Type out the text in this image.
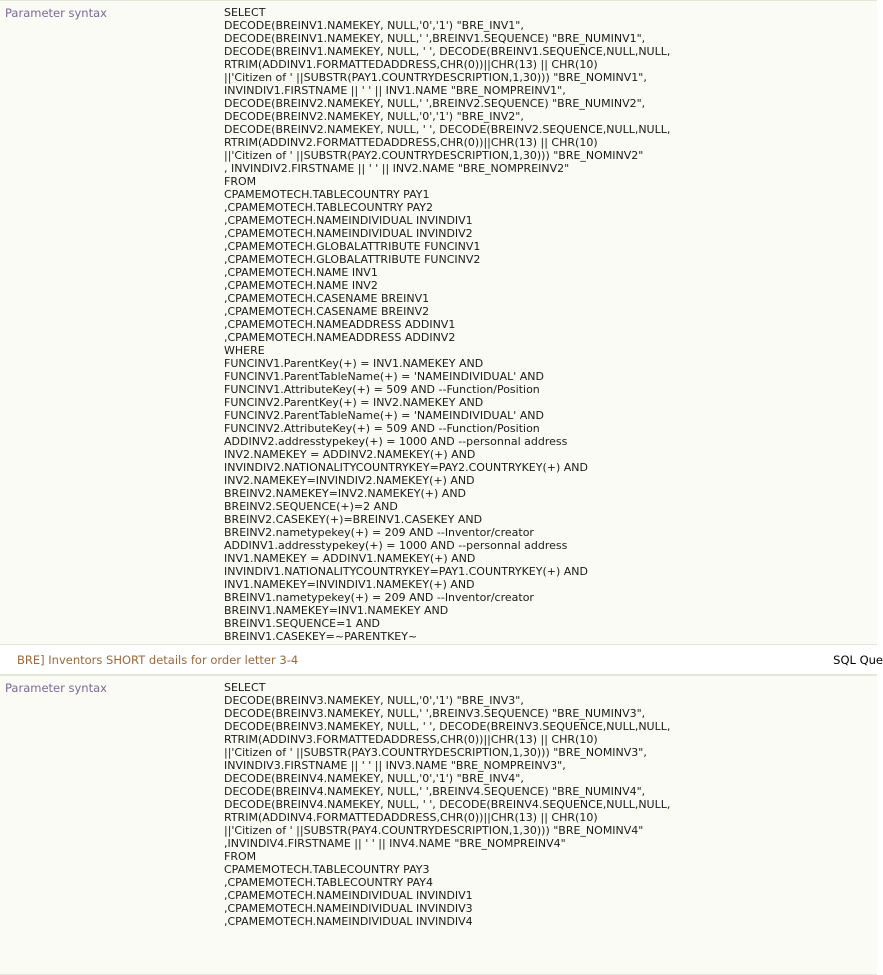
Parameter syntax	SELECT
DECODE(BREINV1.NAMEKEY, NULL,'0','1') "BRE_INV1",
DECODE(BREINV1.NAMEKEY, NULL,' ',BREINV1.SEQUENCE) "BRE_NUMINV1",
DECODE(BREINV1.NAMEKEY, NULL, ' ', DECODE(BREINV1.SEQUENCE,NULL,NULL,
RTRIM(ADDINV1.FORMATTEDADDRESS,CHR(0))||CHR(13) || CHR(10)
||'Citizen of ' ||SUBSTR(PAY1.COUNTRYDESCRIPTION,1,30))) "BRE_NOMINV1",
INVINDIV1.FIRSTNAME || ' ' || INV1.NAME "BRE_NOMPREINV1",
DECODE(BREINV2.NAMEKEY, NULL,' ',BREINV2.SEQUENCE) "BRE_NUMINV2",
DECODE(BREINV2.NAMEKEY, NULL,'0','1') "BRE_INV2",
DECODE(BREINV2.NAMEKEY, NULL, ' ', DECODE(BREINV2.SEQUENCE,NULL,NULL,
RTRIM(ADDINV2.FORMATTEDADDRESS,CHR(0))||CHR(13) || CHR(10)
||'Citizen of ' ||SUBSTR(PAY2.COUNTRYDESCRIPTION,1,30))) "BRE_NOMINV2"
, INVINDIV2.FIRSTNAME || ' ' || INV2.NAME "BRE_NOMPREINV2"
FROM
CPAMEMOTECH.TABLECOUNTRY PAY1
,CPAMEMOTECH.TABLECOUNTRY PAY2
,CPAMEMOTECH.NAMEINDIVIDUAL INVINDIV1
,CPAMEMOTECH.NAMEINDIVIDUAL INVINDIV2
,CPAMEMOTECH.GLOBALATTRIBUTE FUNCINV1
,CPAMEMOTECH.GLOBALATTRIBUTE FUNCINV2
,CPAMEMOTECH.NAME INV1
,CPAMEMOTECH.NAME INV2
,CPAMEMOTECH.CASENAME BREINV1
,CPAMEMOTECH.CASENAME BREINV2
,CPAMEMOTECH.NAMEADDRESS ADDINV1
,CPAMEMOTECH.NAMEADDRESS ADDINV2
WHERE
FUNCINV1.ParentKey(+) = INV1.NAMEKEY AND
FUNCINV1.ParentTableName(+) = 'NAMEINDIVIDUAL' AND
FUNCINV1.AttributeKey(+) = 509 AND --Function/Position
FUNCINV2.ParentKey(+) = INV2.NAMEKEY AND
FUNCINV2.ParentTableName(+) = 'NAMEINDIVIDUAL' AND
FUNCINV2.AttributeKey(+) = 509 AND --Function/Position
ADDINV2.addresstypekey(+) = 1000 AND --personnal address
INV2.NAMEKEY = ADDINV2.NAMEKEY(+) AND
INVINDIV2.NATIONALITYCOUNTRYKEY=PAY2.COUNTRYKEY(+) AND
INV2.NAMEKEY=INVINDIV2.NAMEKEY(+) AND
BREINV2.NAMEKEY=INV2.NAMEKEY(+) AND
BREINV2.SEQUENCE(+)=2 AND
BREINV2.CASEKEY(+)=BREINV1.CASEKEY AND
BREINV2.nametypekey(+) = 209 AND --Inventor/creator
ADDINV1.addresstypekey(+) = 1000 AND --personnal address
INV1.NAMEKEY = ADDINV1.NAMEKEY(+) AND
INVINDIV1.NATIONALITYCOUNTRYKEY=PAY1.COUNTRYKEY(+) AND
INV1.NAMEKEY=INVINDIV1.NAMEKEY(+) AND
BREINV1.nametypekey(+) = 209 AND --Inventor/creator
BREINV1.NAMEKEY=INV1.NAMEKEY AND
BREINV1.SEQUENCE=1 AND
BREINV1.CASEKEY=~PARENTKEY~
BRE] Inventors SHORT details for order letter 3-4	SQL Que
Parameter syntax	SELECT
DECODE(BREINV3.NAMEKEY, NULL,'0','1') "BRE_INV3",
DECODE(BREINV3.NAMEKEY, NULL,' ',BREINV3.SEQUENCE) "BRE_NUMINV3",
DECODE(BREINV3.NAMEKEY, NULL, ' ', DECODE(BREINV3.SEQUENCE,NULL,NULL,
RTRIM(ADDINV3.FORMATTEDADDRESS,CHR(0))||CHR(13) || CHR(10)
||'Citizen of ' ||SUBSTR(PAY3.COUNTRYDESCRIPTION,1,30))) "BRE_NOMINV3",
INVINDIV3.FIRSTNAME || ' ' || INV3.NAME "BRE_NOMPREINV3",
DECODE(BREINV4.NAMEKEY, NULL,'0','1') "BRE_INV4",
DECODE(BREINV4.NAMEKEY, NULL,' ',BREINV4.SEQUENCE) "BRE_NUMINV4",
DECODE(BREINV4.NAMEKEY, NULL, ' ', DECODE(BREINV4.SEQUENCE,NULL,NULL,
RTRIM(ADDINV4.FORMATTEDADDRESS,CHR(0))||CHR(13) || CHR(10)
||'Citizen of ' ||SUBSTR(PAY4.COUNTRYDESCRIPTION,1,30))) "BRE_NOMINV4"
,INVINDIV4.FIRSTNAME || ' ' || INV4.NAME "BRE_NOMPREINV4"
FROM
CPAMEMOTECH.TABLECOUNTRY PAY3
,CPAMEMOTECH.TABLECOUNTRY PAY4
,CPAMEMOTECH.NAMEINDIVIDUAL INVINDIV1
,CPAMEMOTECH.NAMEINDIVIDUAL INVINDIV3
,CPAMEMOTECH.NAMEINDIVIDUAL INVINDIV4
